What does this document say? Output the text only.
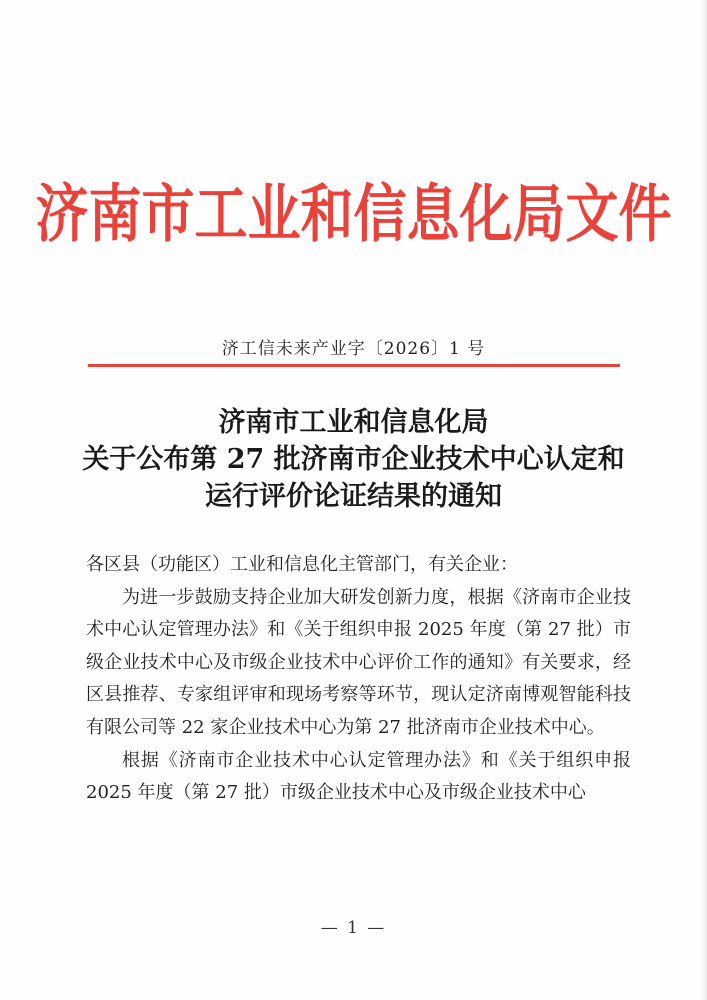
济南市工业和信息化局文件
济工信未来产业字〔2026〕1 号
济南市工业和信息化局
关于公布第 27 批济南市企业技术中心认定和
运行评价论证结果的通知

各区县（功能区）工业和信息化主管部门，有关企业：

为进一步鼓励支持企业加大研发创新力度，根据《济南市企业技术中心认定管理办法》和《关于组织申报 2025 年度（第 27 批）市级企业技术中心及市级企业技术中心评价工作的通知》有关要求，经区县推荐、专家组评审和现场考察等环节，现认定济南博观智能科技有限公司等 22 家企业技术中心为第 27 批济南市企业技术中心。

根据《济南市企业技术中心认定管理办法》和《关于组织申报 2025 年度（第 27 批）市级企业技术中心及市级企业技术中心

— 1 —
